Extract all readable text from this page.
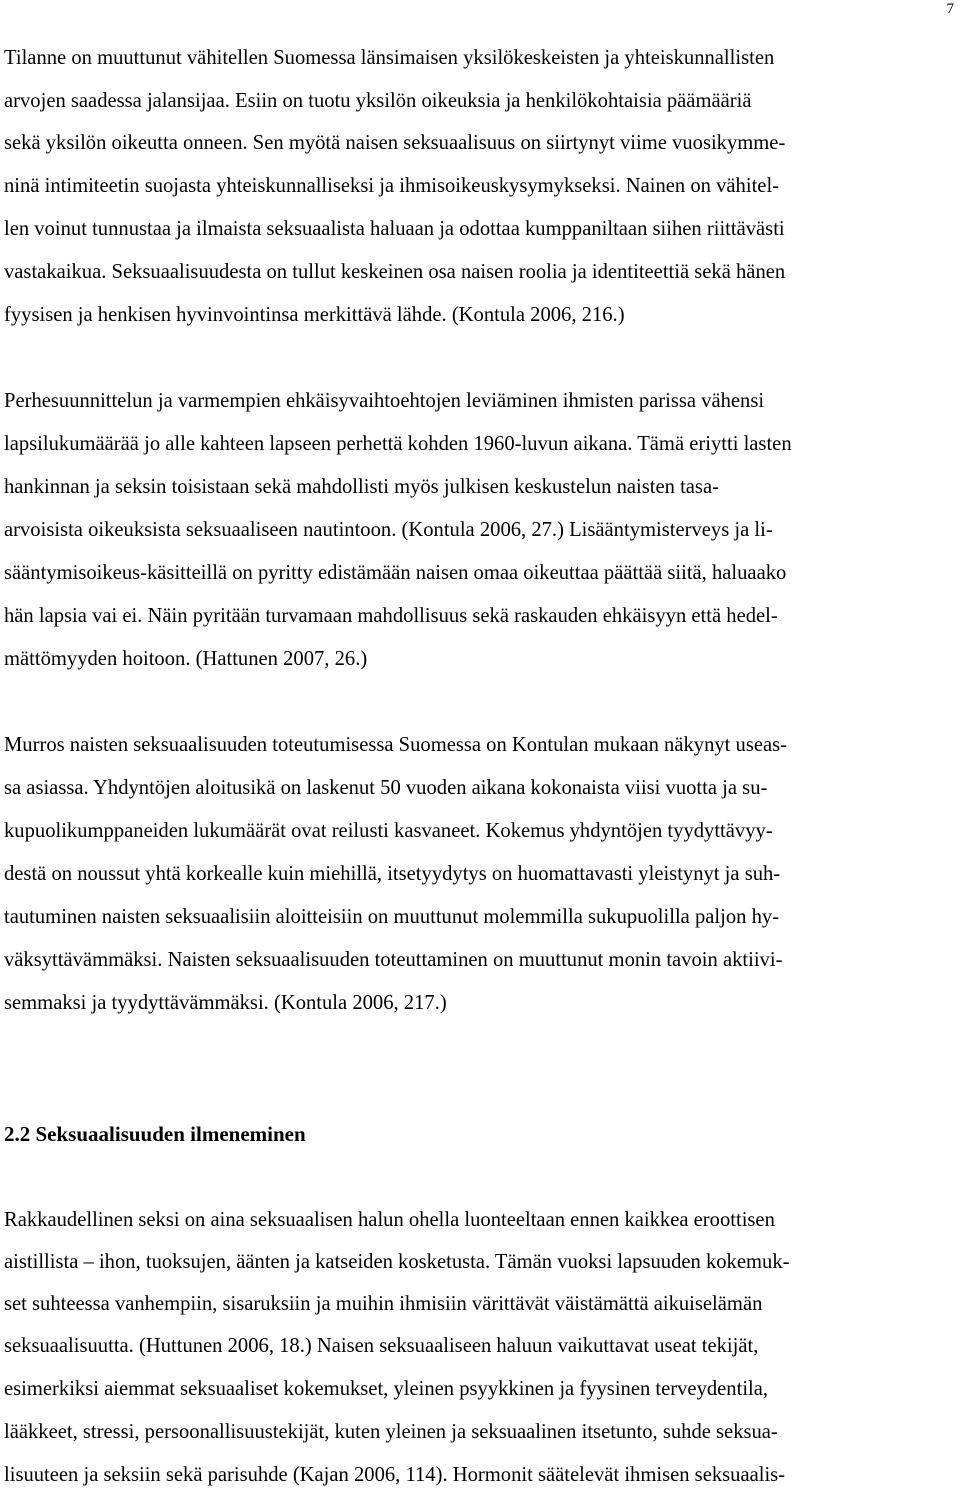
7
Tilanne on muuttunut vähitellen Suomessa länsimaisen yksilökeskeisten ja yhteiskunnallisten
arvojen saadessa jalansijaa. Esiin on tuotu yksilön oikeuksia ja henkilökohtaisia päämääriä
sekä yksilön oikeutta onneen. Sen myötä naisen seksuaalisuus on siirtynyt viime vuosikymme-
ninä intimiteetin suojasta yhteiskunnalliseksi ja ihmisoikeuskysymykseksi. Nainen on vähitel-
len voinut tunnustaa ja ilmaista seksuaalista haluaan ja odottaa kumppaniltaan siihen riittävästi
vastakaikua. Seksuaalisuudesta on tullut keskeinen osa naisen roolia ja identiteettiä sekä hänen
fyysisen ja henkisen hyvinvointinsa merkittävä lähde. (Kontula 2006, 216.)
Perhesuunnittelun ja varmempien ehkäisyvaihtoehtojen leviäminen ihmisten parissa vähensi
lapsilukumäärää jo alle kahteen lapseen perhettä kohden 1960-luvun aikana. Tämä eriytti lasten
hankinnan ja seksin toisistaan sekä mahdollisti myös julkisen keskustelun naisten tasa-
arvoisista oikeuksista seksuaaliseen nautintoon. (Kontula 2006, 27.) Lisääntymisterveys ja li-
sääntymisoikeus-käsitteillä on pyritty edistämään naisen omaa oikeuttaa päättää siitä, haluaako
hän lapsia vai ei. Näin pyritään turvamaan mahdollisuus sekä raskauden ehkäisyyn että hedel-
mättömyyden hoitoon. (Hattunen 2007, 26.)
Murros naisten seksuaalisuuden toteutumisessa Suomessa on Kontulan mukaan näkynyt useas-
sa asiassa. Yhdyntöjen aloitusikä on laskenut 50 vuoden aikana kokonaista viisi vuotta ja su-
kupuolikumppaneiden lukumäärät ovat reilusti kasvaneet. Kokemus yhdyntöjen tyydyttävyy-
destä on noussut yhtä korkealle kuin miehillä, itsetyydytys on huomattavasti yleistynyt ja suh-
tautuminen naisten seksuaalisiin aloitteisiin on muuttunut molemmilla sukupuolilla paljon hy-
väksyttävämmäksi. Naisten seksuaalisuuden toteuttaminen on muuttunut monin tavoin aktiivi-
semmaksi ja tyydyttävämmäksi. (Kontula 2006, 217.)
2.2 Seksuaalisuuden ilmeneminen
Rakkaudellinen seksi on aina seksuaalisen halun ohella luonteeltaan ennen kaikkea eroottisen
aistillista – ihon, tuoksujen, äänten ja katseiden kosketusta. Tämän vuoksi lapsuuden kokemuk-
set suhteessa vanhempiin, sisaruksiin ja muihin ihmisiin värittävät väistämättä aikuiselämän
seksuaalisuutta. (Huttunen 2006, 18.) Naisen seksuaaliseen haluun vaikuttavat useat tekijät,
esimerkiksi aiemmat seksuaaliset kokemukset, yleinen psyykkinen ja fyysinen terveydentila,
lääkkeet, stressi, persoonallisuustekijät, kuten yleinen ja seksuaalinen itsetunto, suhde seksua-
lisuuteen ja seksiin sekä parisuhde (Kajan 2006, 114). Hormonit säätelevät ihmisen seksuaalis-
